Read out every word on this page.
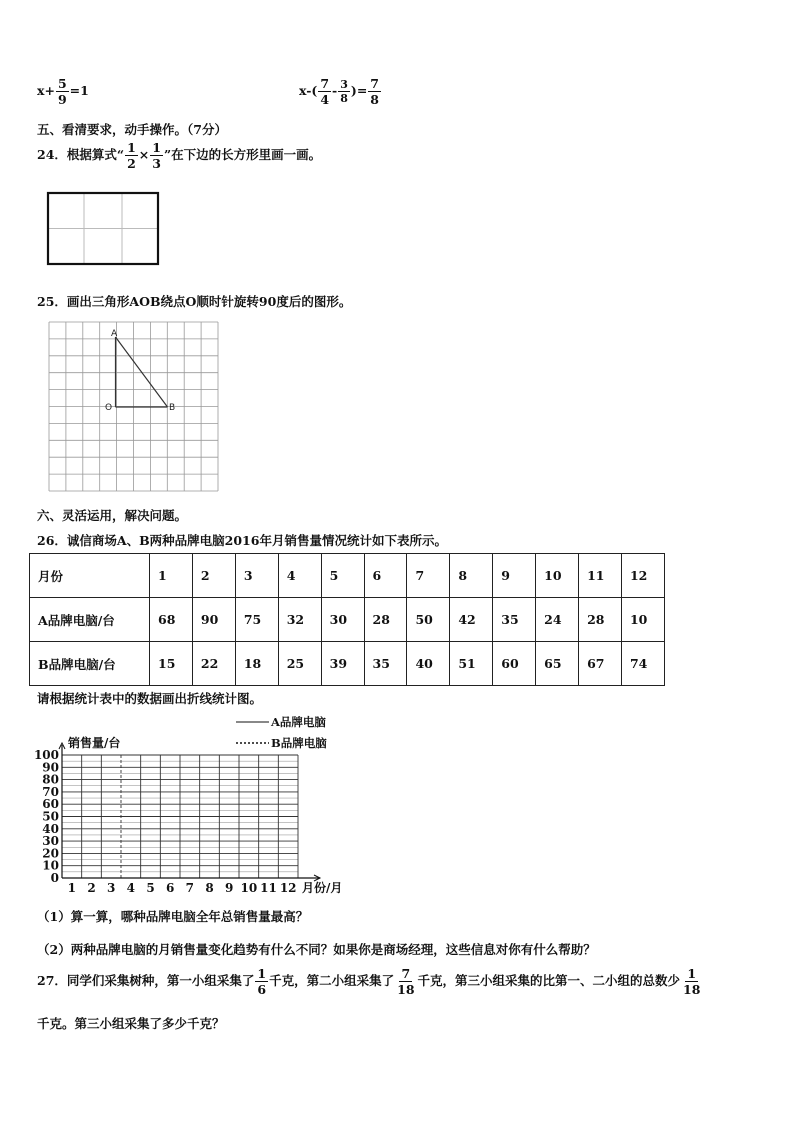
$x+ \frac{5}{9} =1$	$x-( \frac{7}{4} - \frac{3}{8}$ )= $\frac{7}{8}$
五、看清要求，动手操作。（7分）
24．根据算式“ $\frac{1}{2} \times \frac{1}{3}$ ”在下边的长方形里画一画。
25．画出三角形AOB绕点O顺时针旋转90度后的图形。
A
O	B
六、灵活运用，解决问题。
26．诚信商场A、B两种品牌电脑2016年月销售量情况统计如下表所示。
月份	1	2	3	4	5	6	7	8	9	10	11	12
A品牌电脑/台	68	90	75	32	30	28	50	42	35	24	28	10
B品牌电脑/台	15	22	18	25	39	35	40	51	60	65	67	74
请根据统计表中的数据画出折线统计图。
0
10
20
30
40
50
60
70
80
90
100
1 2 3 4 5 6 7 8 9 10 11 12
销售量/台
月份/月
A品牌电脑
B品牌电脑
（1）算一算，哪种品牌电脑全年总销售量最高？
（2）两种品牌电脑的月销售量变化趋势有什么不同？如果你是商场经理，这些信息对你有什么帮助？
27．同学们采集树种，第一小组采集了 $\frac{1}{6}$ 千克，第二小组采集了 $\frac{7}{18}$ 千克，第三小组采集的比第一、二小组的总数少 $\frac{1}{18}$
千克。第三小组采集了多少千克？
